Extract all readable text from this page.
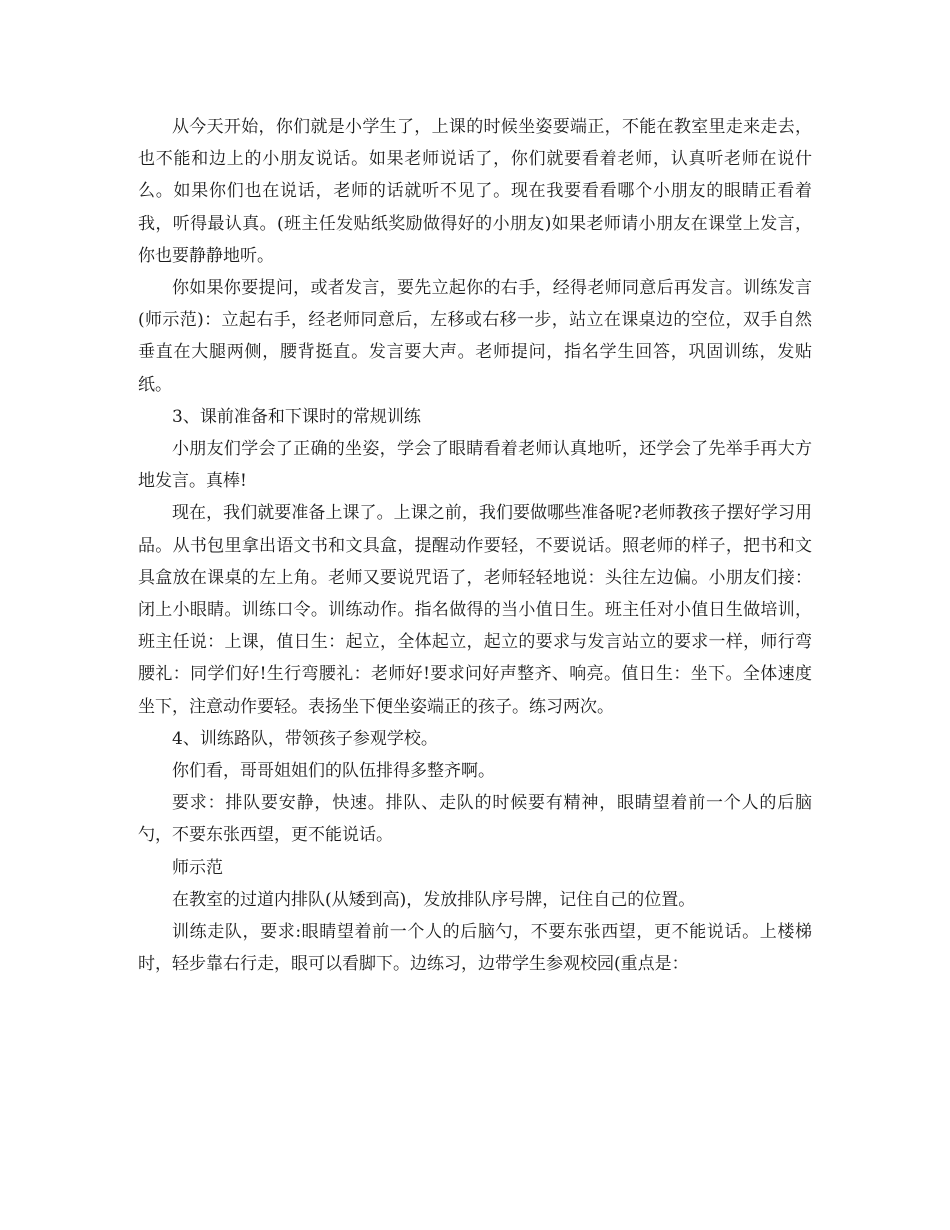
从今天开始，你们就是小学生了，上课的时候坐姿要端正，不能在教室里走来走去，也不能和边上的小朋友说话。如果老师说话了，你们就要看着老师，认真听老师在说什么。如果你们也在说话，老师的话就听不见了。现在我要看看哪个小朋友的眼睛正看着我，听得最认真。(班主任发贴纸奖励做得好的小朋友)如果老师请小朋友在课堂上发言，你也要静静地听。

你如果你要提问，或者发言，要先立起你的右手，经得老师同意后再发言。训练发言(师示范)：立起右手，经老师同意后，左移或右移一步，站立在课桌边的空位，双手自然垂直在大腿两侧，腰背挺直。发言要大声。老师提问，指名学生回答，巩固训练，发贴纸。

3、课前准备和下课时的常规训练

小朋友们学会了正确的坐姿，学会了眼睛看着老师认真地听，还学会了先举手再大方地发言。真棒!

现在，我们就要准备上课了。上课之前，我们要做哪些准备呢?老师教孩子摆好学习用品。从书包里拿出语文书和文具盒，提醒动作要轻，不要说话。照老师的样子，把书和文具盒放在课桌的左上角。老师又要说咒语了，老师轻轻地说：头往左边偏。小朋友们接：闭上小眼睛。训练口令。训练动作。指名做得的当小值日生。班主任对小值日生做培训，班主任说：上课，值日生：起立，全体起立，起立的要求与发言站立的要求一样，师行弯腰礼：同学们好!生行弯腰礼：老师好!要求问好声整齐、响亮。值日生：坐下。全体速度坐下，注意动作要轻。表扬坐下便坐姿端正的孩子。练习两次。

4、训练路队，带领孩子参观学校。

你们看，哥哥姐姐们的队伍排得多整齐啊。

要求：排队要安静，快速。排队、走队的时候要有精神，眼睛望着前一个人的后脑勺，不要东张西望，更不能说话。

师示范

在教室的过道内排队(从矮到高)，发放排队序号牌，记住自己的位置。

训练走队，要求:眼睛望着前一个人的后脑勺，不要东张西望，更不能说话。上楼梯时，轻步靠右行走，眼可以看脚下。边练习，边带学生参观校园(重点是：
